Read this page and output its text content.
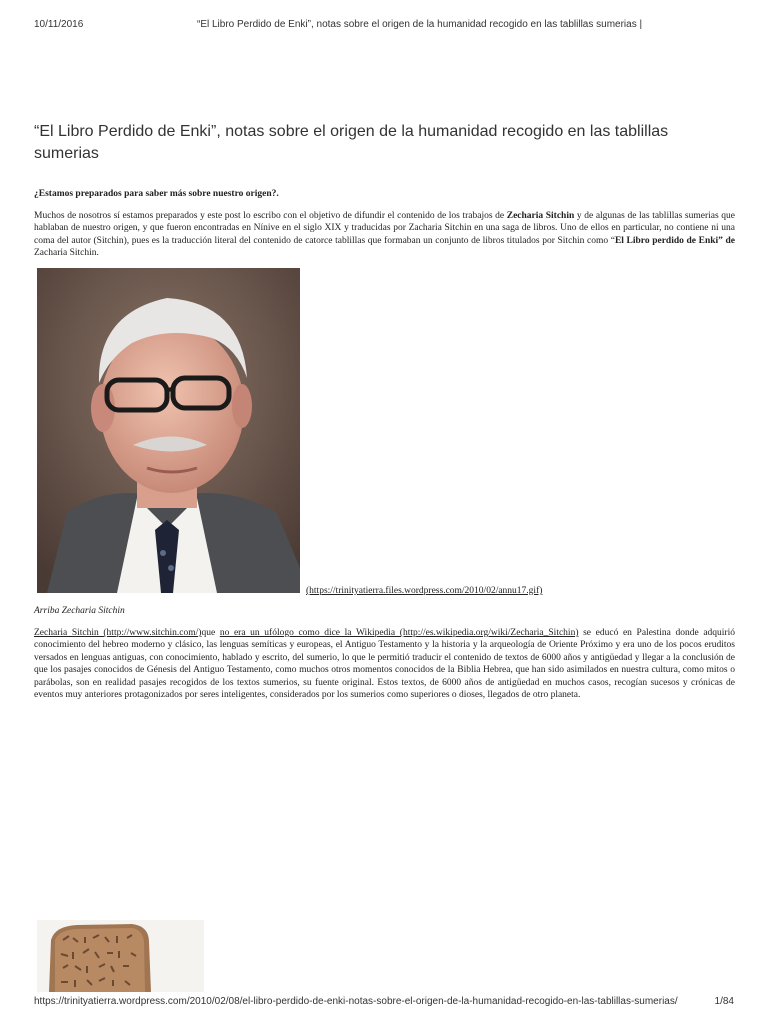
10/11/2016	“El Libro Perdido de Enki”, notas sobre el origen de la humanidad recogido en las tablillas sumerias |
“El Libro Perdido de Enki”, notas sobre el origen de la humanidad recogido en las tablillas sumerias
¿Estamos preparados para saber más sobre nuestro origen?.
Muchos de nosotros sí estamos preparados y este post lo escribo con el objetivo de difundir el contenido de los trabajos de Zecharia Sitchin y de algunas de las tablillas sumerias que hablaban de nuestro origen, y que fueron encontradas en Nínive en el siglo XIX y traducidas por Zacharia Sitchin en una saga de libros. Uno de ellos en particular, no contiene ni una coma del autor (Sitchin), pues es la traducción literal del contenido de catorce tablillas que formaban un conjunto de libros titulados por Sitchin como “El Libro perdido de Enki” de Zacharia Sitchin.
(https://trinityatierra.files.wordpress.com/2010/02/annu17.gif)
Arriba Zecharia Sitchin
Zecharia Sitchin (http://www.sitchin.com/)que no era un ufólogo como dice la Wikipedia (http://es.wikipedia.org/wiki/Zecharia_Sitchin) se educó en Palestina donde adquirió conocimiento del hebreo moderno y clásico, las lenguas semíticas y europeas, el Antiguo Testamento y la historia y la arqueología de Oriente Próximo y era uno de los pocos eruditos versados en lenguas antiguas, con conocimiento, hablado y escrito, del sumerio, lo que le permitió traducir el contenido de textos de 6000 años y antigüedad y llegar a la conclusión de que los pasajes conocidos de Génesis del Antiguo Testamento, como muchos otros momentos conocidos de la Biblia Hebrea, que han sido asimilados en nuestra cultura, como mitos o parábolas, son en realidad pasajes recogidos de los textos sumerios, su fuente original. Estos textos, de 6000 años de antigüedad en muchos casos, recogían sucesos y crónicas de eventos muy anteriores protagonizados por seres inteligentes, considerados por los sumerios como superiores o dioses, llegados de otro planeta.
https://trinityatierra.wordpress.com/2010/02/08/el-libro-perdido-de-enki-notas-sobre-el-origen-de-la-humanidad-recogido-en-las-tablillas-sumerias/	1/84
